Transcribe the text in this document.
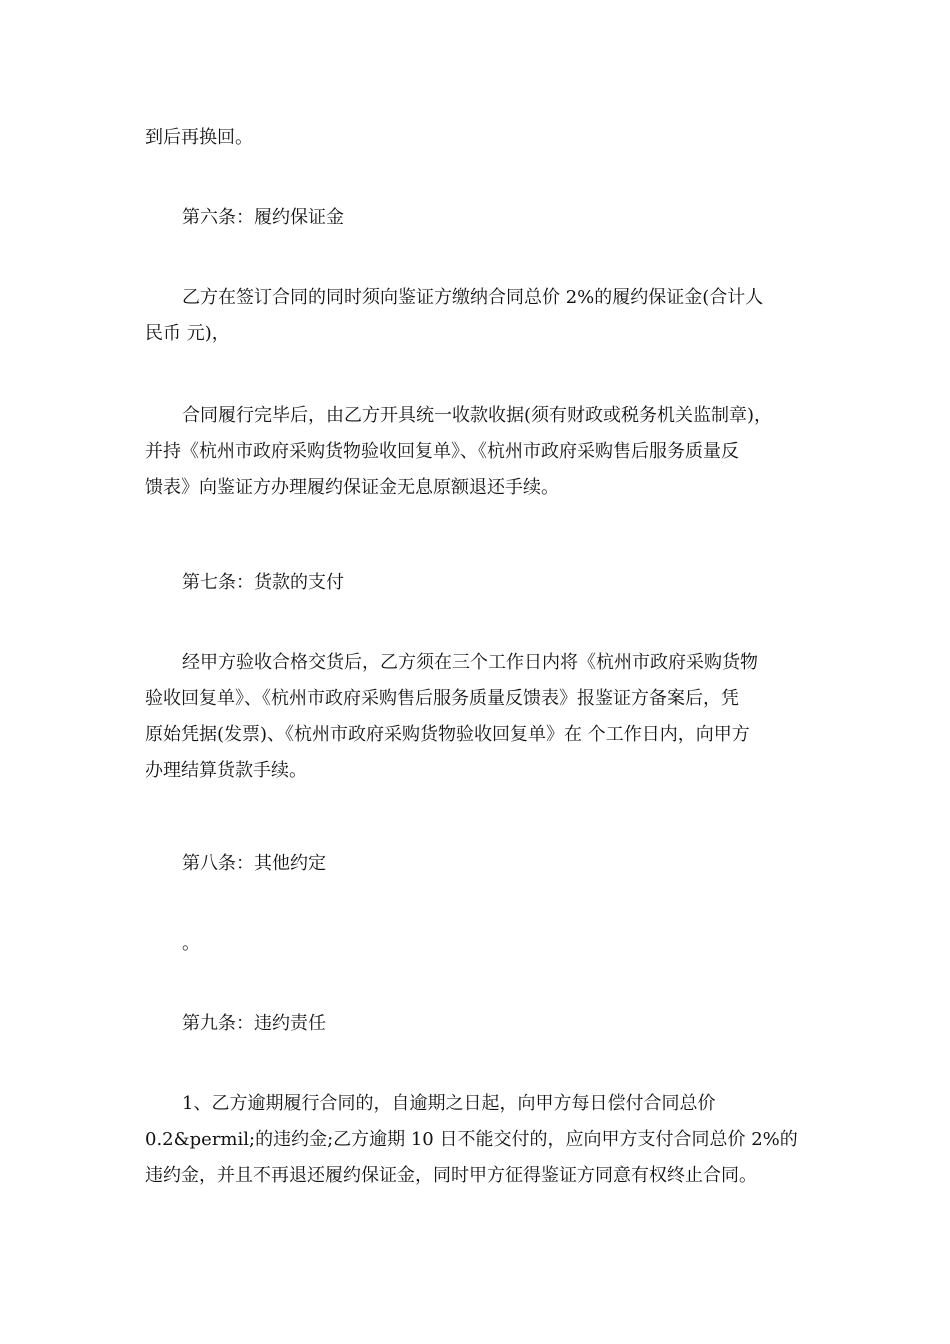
到后再换回。
第六条：履约保证金
乙方在签订合同的同时须向鉴证方缴纳合同总价 2%的履约保证金(合计人
民币 元)，
合同履行完毕后，由乙方开具统一收款收据(须有财政或税务机关监制章)，
并持《杭州市政府采购货物验收回复单》、《杭州市政府采购售后服务质量反
馈表》向鉴证方办理履约保证金无息原额退还手续。
第七条：货款的支付
经甲方验收合格交货后，乙方须在三个工作日内将《杭州市政府采购货物
验收回复单》、《杭州市政府采购售后服务质量反馈表》报鉴证方备案后，凭
原始凭据(发票)、《杭州市政府采购货物验收回复单》在 个工作日内，向甲方
办理结算货款手续。
第八条：其他约定
。
第九条：违约责任
1、乙方逾期履行合同的，自逾期之日起，向甲方每日偿付合同总价
0.2&permil;的违约金;乙方逾期 10 日不能交付的，应向甲方支付合同总价 2%的
违约金，并且不再退还履约保证金，同时甲方征得鉴证方同意有权终止合同。
